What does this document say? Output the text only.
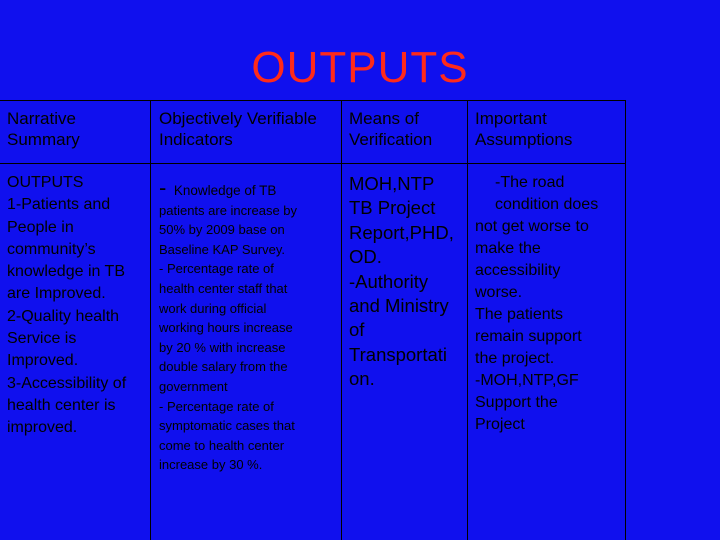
OUTPUTS
Narrative
Summary
Objectively Verifiable
Indicators
Means of
Verification
Important
Assumptions
OUTPUTS
1-Patients and
People in
community’s
knowledge in TB
are Improved.
2-Quality health
Service is
Improved.
3-Accessibility of
health center is
improved.
- Knowledge of TB
patients are increase by
50% by 2009 base on
Baseline KAP Survey.
- Percentage rate of
health center staff that
work during official
working hours increase
by 20 % with increase
double salary from the
government
- Percentage rate of
symptomatic cases that
come to health center
increase by 30 %.
MOH,NTP
TB Project
Report,PHD,
OD.
-Authority
and Ministry
of
Transportati
on.
-The road
condition does
not get worse to
make the
accessibility
worse.
The patients
remain support
the project.
-MOH,NTP,GF
Support the
Project
